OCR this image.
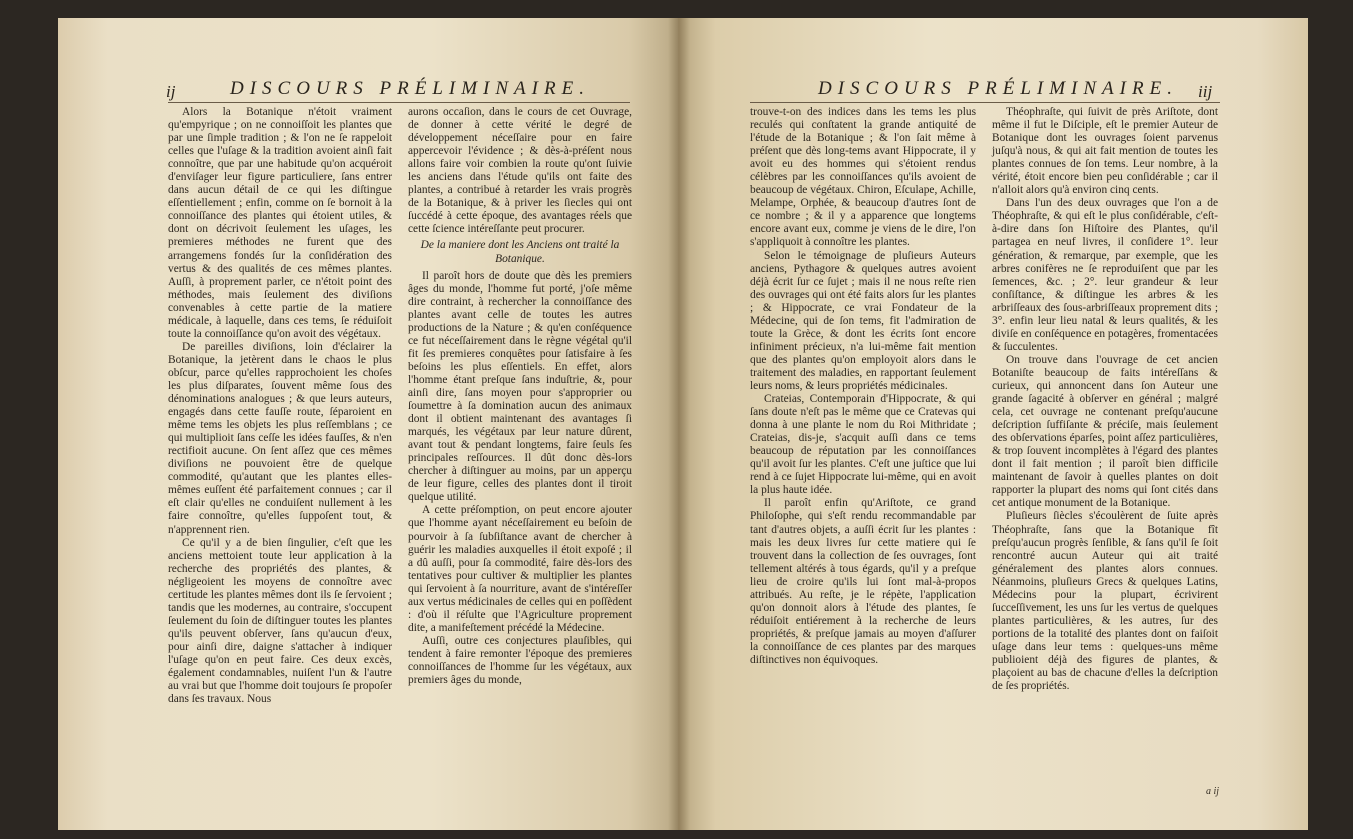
ij	DISCOURS PRÉLIMINAIRE.

Alors la Botanique n'étoit vraiment qu'empyrique ; on ne connoiſſoit les plantes que par une ſimple tradition ; & l'on ne ſe rappeloit celles que l'uſage & la tradition avoient ainſi fait connoître, que par une habitude qu'on acquéroit d'enviſager leur figure particuliere, ſans entrer dans aucun détail de ce qui les diſtingue eſſentiellement ; enfin, comme on ſe bornoit à la connoiſſance des plantes qui étoient utiles, & dont on décrivoit ſeulement les uſages, les premieres méthodes ne furent que des arrangemens fondés ſur la conſidération des vertus & des qualités de ces mêmes plantes. Auſſi, à proprement parler, ce n'étoit point des méthodes, mais ſeulement des diviſions convenables à cette partie de la matiere médicale, à laquelle, dans ces tems, ſe réduiſoit toute la connoiſſance qu'on avoit des végétaux.

De pareilles diviſions, loin d'éclairer la Botanique, la jetèrent dans le chaos le plus obſcur, parce qu'elles rapprochoient les choſes les plus diſparates, ſouvent même ſous des dénominations analogues ; & que leurs auteurs, engagés dans cette fauſſe route, ſéparoient en même tems les objets les plus reſſemblans ; ce qui multiplioit ſans ceſſe les idées fauſſes, & n'en rectifioit aucune. On ſent aſſez que ces mêmes diviſions ne pouvoient être de quelque commodité, qu'autant que les plantes elles-mêmes euſſent été parfaitement connues ; car il eſt clair qu'elles ne conduiſent nullement à les faire connoître, qu'elles ſuppoſent tout, & n'apprennent rien.

Ce qu'il y a de bien ſingulier, c'eſt que les anciens mettoient toute leur application à la recherche des propriétés des plantes, & négligeoient les moyens de connoître avec certitude les plantes mêmes dont ils ſe ſervoient ; tandis que les modernes, au contraire, s'occupent ſeulement du ſoin de diſtinguer toutes les plantes qu'ils peuvent obſerver, ſans qu'aucun d'eux, pour ainſi dire, daigne s'attacher à indiquer l'uſage qu'on en peut faire. Ces deux excès, également condamnables, nuiſent l'un & l'autre au vrai but que l'homme doit toujours ſe propoſer dans ſes travaux. Nous

aurons occaſion, dans le cours de cet Ouvrage, de donner à cette vérité le degré de développement néceſſaire pour en faire appercevoir l'évidence ; & dès-à-préſent nous allons faire voir combien la route qu'ont ſuivie les anciens dans l'étude qu'ils ont faite des plantes, a contribué à retarder les vrais progrès de la Botanique, & à priver les ſiecles qui ont ſuccédé à cette époque, des avantages réels que cette ſcience intéreſſante peut procurer.

De la maniere dont les Anciens ont traité la Botanique.

Il paroît hors de doute que dès les premiers âges du monde, l'homme fut porté, j'oſe même dire contraint, à rechercher la connoiſſance des plantes avant celle de toutes les autres productions de la Nature ; & qu'en conſéquence ce fut néceſſairement dans le règne végétal qu'il fit ſes premieres conquêtes pour ſatisfaire à ſes beſoins les plus eſſentiels. En effet, alors l'homme étant preſque ſans induſtrie, &, pour ainſi dire, ſans moyen pour s'approprier ou ſoumettre à ſa domination aucun des animaux dont il obtient maintenant des avantages ſi marqués, les végétaux par leur nature dûrent, avant tout & pendant longtems, faire ſeuls ſes principales reſſources. Il dût donc dès-lors chercher à diſtinguer au moins, par un apperçu de leur figure, celles des plantes dont il tiroit quelque utilité.

A cette préſomption, on peut encore ajouter que l'homme ayant néceſſairement eu beſoin de pourvoir à ſa ſubſiſtance avant de chercher à guérir les maladies auxquelles il étoit expoſé ; il a dû auſſi, pour ſa commodité, faire dès-lors des tentatives pour cultiver & multiplier les plantes qui ſervoient à ſa nourriture, avant de s'intéreſſer aux vertus médicinales de celles qui en poſſèdent : d'où il réſulte que l'Agriculture proprement dite, a manifeſtement précédé la Médecine.

Auſſi, outre ces conjectures plauſibles, qui tendent à faire remonter l'époque des premieres connoiſſances de l'homme ſur les végétaux, aux premiers âges du monde,

DISCOURS PRÉLIMINAIRE. iij

trouve-t-on des indices dans les tems les plus reculés qui conſtatent la grande antiquité de l'étude de la Botanique ; & l'on ſait même à préſent que dès long-tems avant Hippocrate, il y avoit eu des hommes qui s'étoient rendus célèbres par les connoiſſances qu'ils avoient de beaucoup de végétaux. Chiron, Eſculape, Achille, Melampe, Orphée, & beaucoup d'autres ſont de ce nombre ; & il y a apparence que longtems encore avant eux, comme je viens de le dire, l'on s'appliquoit à connoître les plantes.

Selon le témoignage de pluſieurs Auteurs anciens, Pythagore & quelques autres avoient déjà écrit ſur ce ſujet ; mais il ne nous reſte rien des ouvrages qui ont été faits alors ſur les plantes ; & Hippocrate, ce vrai Fondateur de la Médecine, qui de ſon tems, fit l'admiration de toute la Grèce, & dont les écrits ſont encore infiniment précieux, n'a lui-même fait mention que des plantes qu'on employoit alors dans le traitement des maladies, en rapportant ſeulement leurs noms, & leurs propriétés médicinales.

Crateias, Contemporain d'Hippocrate, & qui ſans doute n'eſt pas le même que ce Cratevas qui donna à une plante le nom du Roi Mithridate ; Crateias, dis-je, s'acquit auſſi dans ce tems beaucoup de réputation par les connoiſſances qu'il avoit ſur les plantes. C'eſt une juſtice que lui rend à ce ſujet Hippocrate lui-même, qui en avoit la plus haute idée.

Il paroît enfin qu'Ariſtote, ce grand Philoſophe, qui s'eſt rendu recommandable par tant d'autres objets, a auſſi écrit ſur les plantes : mais les deux livres ſur cette matiere qui ſe trouvent dans la collection de ſes ouvrages, ſont tellement altérés à tous égards, qu'il y a preſque lieu de croire qu'ils lui ſont mal-à-propos attribués. Au reſte, je le répète, l'application qu'on donnoit alors à l'étude des plantes, ſe réduiſoit entiérement à la recherche de leurs propriétés, & preſque jamais au moyen d'aſſurer la connoiſſance de ces plantes par des marques diſtinctives non équivoques.

Théophraſte, qui ſuivit de près Ariſtote, dont même il fut le Diſciple, eſt le premier Auteur de Botanique dont les ouvrages ſoient parvenus juſqu'à nous, & qui ait fait mention de toutes les plantes connues de ſon tems. Leur nombre, à la vérité, étoit encore bien peu conſidérable ; car il n'alloit alors qu'à environ cinq cents.

Dans l'un des deux ouvrages que l'on a de Théophraſte, & qui eſt le plus conſidérable, c'eſt-à-dire dans ſon Hiſtoire des Plantes, qu'il partagea en neuf livres, il conſidere 1°. leur génération, & remarque, par exemple, que les arbres conifères ne ſe reproduiſent que par les ſemences, &c. ; 2°. leur grandeur & leur conſiſtance, & diſtingue les arbres & les arbriſſeaux des ſous-arbriſſeaux proprement dits ; 3°. enfin leur lieu natal & leurs qualités, & les diviſe en conſéquence en potagères, fromentacées & ſucculentes.

On trouve dans l'ouvrage de cet ancien Botaniſte beaucoup de faits intéreſſans & curieux, qui annoncent dans ſon Auteur une grande ſagacité à obſerver en général ; malgré cela, cet ouvrage ne contenant preſqu'aucune deſcription ſuffiſante & préciſe, mais ſeulement des obſervations éparſes, point aſſez particulières, & trop ſouvent incomplètes à l'égard des plantes dont il fait mention ; il paroît bien difficile maintenant de ſavoir à quelles plantes on doit rapporter la plupart des noms qui ſont cités dans cet antique monument de la Botanique.

Pluſieurs ſiècles s'écoulèrent de ſuite après Théophraſte, ſans que la Botanique fît preſqu'aucun progrès ſenſible, & ſans qu'il ſe ſoit rencontré aucun Auteur qui ait traité généralement des plantes alors connues. Néanmoins, pluſieurs Grecs & quelques Latins, Médecins pour la plupart, écrivirent ſucceſſivement, les uns ſur les vertus de quelques plantes particulières, & les autres, ſur des portions de la totalité des plantes dont on faiſoit uſage dans leur tems : quelques-uns même publioient déjà des figures de plantes, & plaçoient au bas de chacune d'elles la deſcription de ſes propriétés.

a ij
